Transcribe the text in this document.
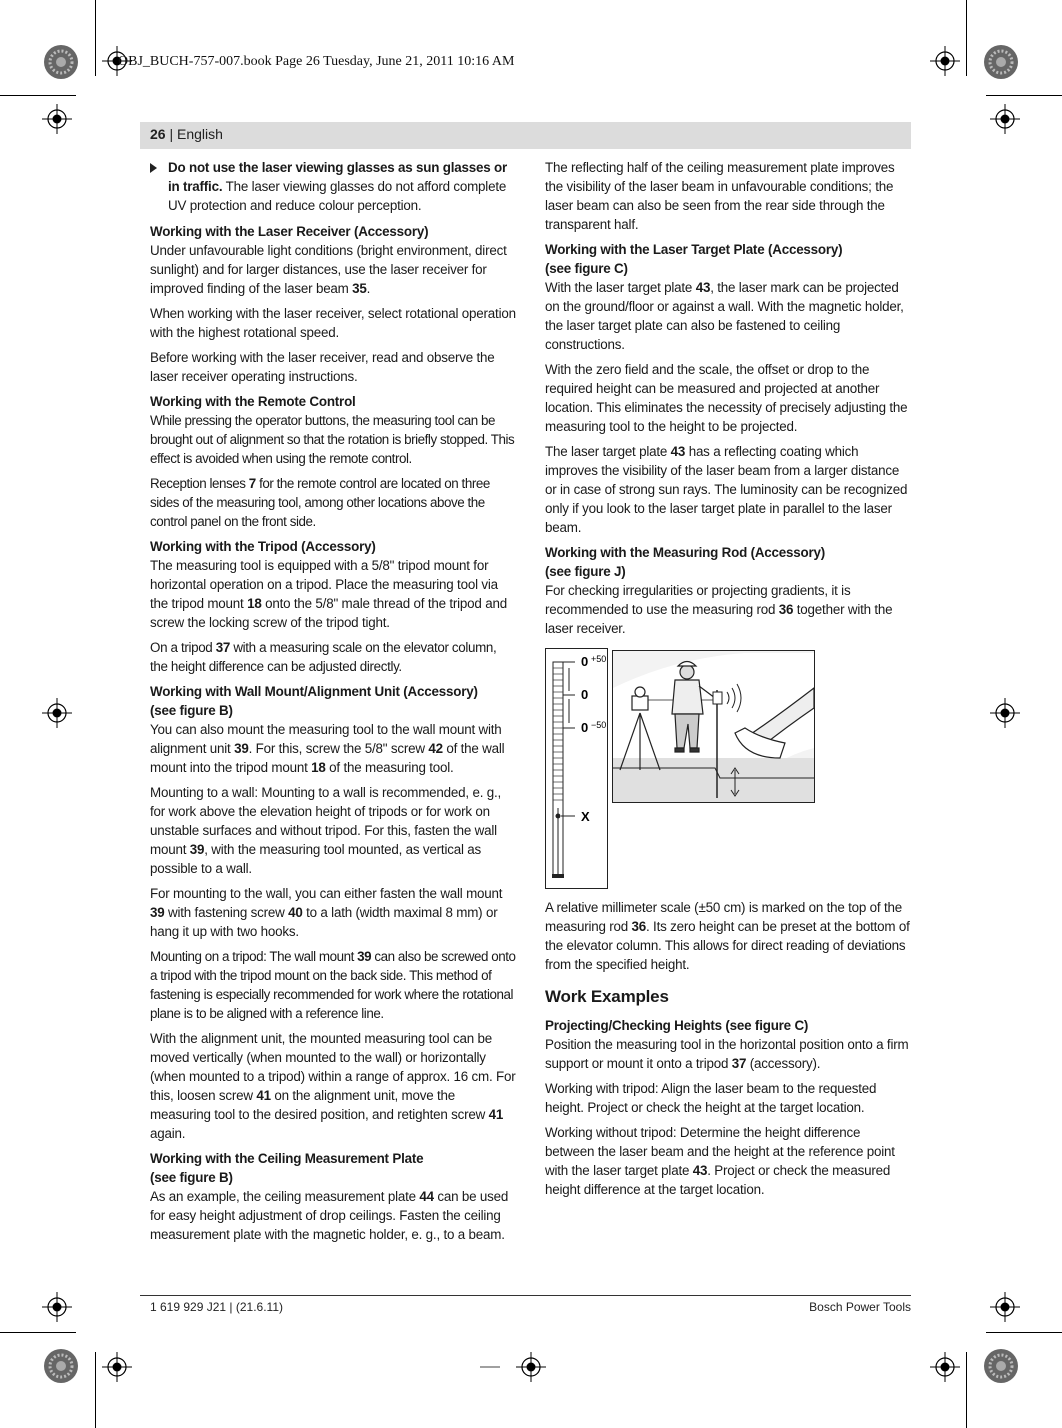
OBJ_BUCH-757-007.book Page 26 Tuesday, June 21, 2011 10:16 AM
26 | English
Do not use the laser viewing glasses as sun glasses or in traffic. The laser viewing glasses do not afford complete UV protection and reduce colour perception.
Working with the Laser Receiver (Accessory)

Under unfavourable light conditions (bright environment, direct sunlight) and for larger distances, use the laser receiver for improved finding of the laser beam 35.

When working with the laser receiver, select rotational operation with the highest rotational speed.

Before working with the laser receiver, read and observe the laser receiver operating instructions.

Working with the Remote Control

While pressing the operator buttons, the measuring tool can be brought out of alignment so that the rotation is briefly stopped. This effect is avoided when using the remote control.

Reception lenses 7 for the remote control are located on three sides of the measuring tool, among other locations above the control panel on the front side.

Working with the Tripod (Accessory)

The measuring tool is equipped with a 5/8" tripod mount for horizontal operation on a tripod. Place the measuring tool via the tripod mount 18 onto the 5/8" male thread of the tripod and screw the locking screw of the tripod tight.

On a tripod 37 with a measuring scale on the elevator column, the height difference can be adjusted directly.

Working with Wall Mount/Alignment Unit (Accessory)
(see figure B)

You can also mount the measuring tool to the wall mount with alignment unit 39. For this, screw the 5/8" screw 42 of the wall mount into the tripod mount 18 of the measuring tool.

Mounting to a wall: Mounting to a wall is recommended, e. g., for work above the elevation height of tripods or for work on unstable surfaces and without tripod. For this, fasten the wall mount 39, with the measuring tool mounted, as vertical as possible to a wall.

For mounting to the wall, you can either fasten the wall mount 39 with fastening screw 40 to a lath (width maximal 8 mm) or hang it up with two hooks.

Mounting on a tripod: The wall mount 39 can also be screwed onto a tripod with the tripod mount on the back side. This method of fastening is especially recommended for work where the rotational plane is to be aligned with a reference line.

With the alignment unit, the mounted measuring tool can be moved vertically (when mounted to the wall) or horizontally (when mounted to a tripod) within a range of approx. 16 cm. For this, loosen screw 41 on the alignment unit, move the measuring tool to the desired position, and retighten screw 41 again.

Working with the Ceiling Measurement Plate
(see figure B)

As an example, the ceiling measurement plate 44 can be used for easy height adjustment of drop ceilings. Fasten the ceiling measurement plate with the magnetic holder, e. g., to a beam.

The reflecting half of the ceiling measurement plate improves the visibility of the laser beam in unfavourable conditions; the laser beam can also be seen from the rear side through the transparent half.

Working with the Laser Target Plate (Accessory)
(see figure C)

With the laser target plate 43, the laser mark can be projected on the ground/floor or against a wall. With the magnetic holder, the laser target plate can also be fastened to ceiling constructions.

With the zero field and the scale, the offset or drop to the required height can be measured and projected at another location. This eliminates the necessity of precisely adjusting the measuring tool to the height to be projected.

The laser target plate 43 has a reflecting coating which improves the visibility of the laser beam from a larger distance or in case of strong sun rays. The luminosity can be recognized only if you look to the laser target plate in parallel to the laser beam.

Working with the Measuring Rod (Accessory)
(see figure J)

For checking irregularities or projecting gradients, it is recommended to use the measuring rod 36 together with the laser receiver.

0 +50
0
0 −50
X

A relative millimeter scale (±50 cm) is marked on the top of the measuring rod 36. Its zero height can be preset at the bottom of the elevator column. This allows for direct reading of deviations from the specified height.

Work Examples
Projecting/Checking Heights (see figure C)

Position the measuring tool in the horizontal position onto a firm support or mount it onto a tripod 37 (accessory).

Working with tripod: Align the laser beam to the requested height. Project or check the height at the target location.

Working without tripod: Determine the height difference between the laser beam and the height at the reference point with the laser target plate 43. Project or check the measured height difference at the target location.

1 619 929 J21 | (21.6.11)	Bosch Power Tools
